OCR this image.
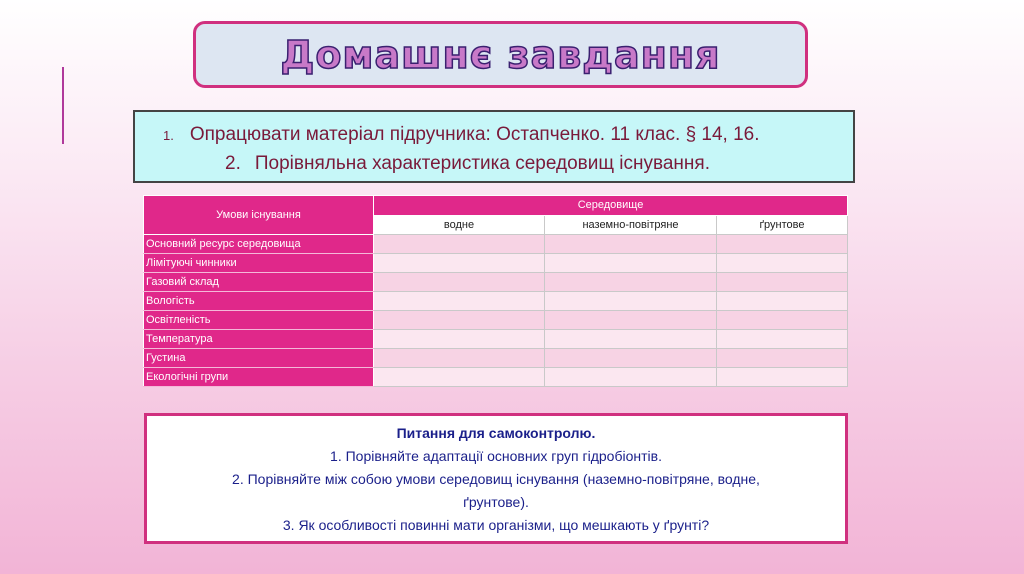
Домашнє завдання
1. Опрацювати матеріал підручника: Остапченко. 11 клас. § 14, 16.
2. Порівняльна характеристика середовищ існування.
Умови існування	Середовище		
	водне	наземно-повітряне	ґрунтове
Основний ресурс середовища			
Лімітуючі чинники			
Газовий склад			
Вологість			
Освітленість			
Температура			
Густина			
Екологічні групи			
Питання для самоконтролю.
1. Порівняйте адаптації основних груп гідробіонтів.
2. Порівняйте між собою умови середовищ існування (наземно-повітряне, водне,
ґрунтове).
3. Як особливості повинні мати організми, що мешкають у ґрунті?
